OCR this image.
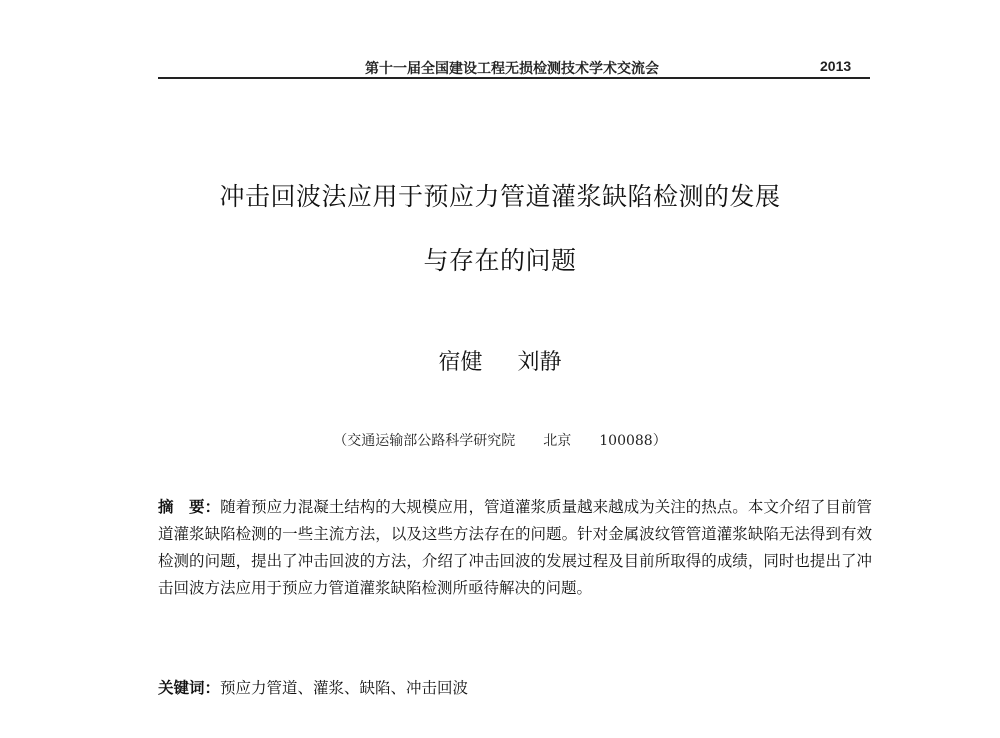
第十一届全国建设工程无损检测技术学术交流会	2013
冲击回波法应用于预应力管道灌浆缺陷检测的发展
与存在的问题
宿健 刘静
（交通运输部公路科学研究院　　北京　　100088）
摘　要：随着预应力混凝土结构的大规模应用，管道灌浆质量越来越成为关注的热点。本文介绍了目前管道灌浆缺陷检测的一些主流方法，以及这些方法存在的问题。针对金属波纹管管道灌浆缺陷无法得到有效检测的问题，提出了冲击回波的方法，介绍了冲击回波的发展过程及目前所取得的成绩，同时也提出了冲击回波方法应用于预应力管道灌浆缺陷检测所亟待解决的问题。
关键词：预应力管道、灌浆、缺陷、冲击回波
